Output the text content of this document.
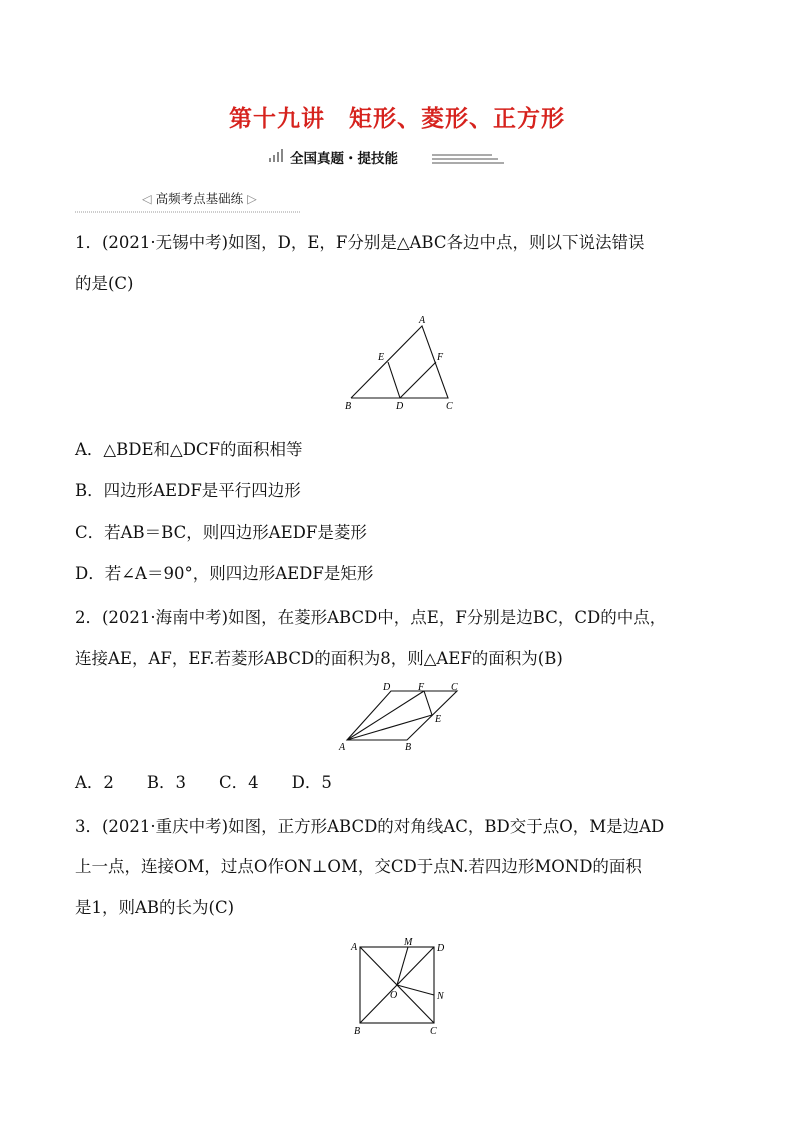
第十九讲　矩形、菱形、正方形
全国真题・提技能
◁ 高频考点基础练 ▷
1．(2021·无锡中考)如图，D，E，F分别是△ABC各边中点，则以下说法错误
的是(C)
A
E	F
B	D	C
A．△BDE和△DCF的面积相等
B．四边形AEDF是平行四边形
C．若AB＝BC，则四边形AEDF是菱形
D．若∠A＝90°，则四边形AEDF是矩形
2．(2021·海南中考)如图，在菱形ABCD中，点E，F分别是边BC，CD的中点，
连接AE，AF，EF.若菱形ABCD的面积为8，则△AEF的面积为(B)
A	B
C
D	F
E
A．2　　B．3　　C．4　　D．5
3．(2021·重庆中考)如图，正方形ABCD的对角线AC，BD交于点O，M是边AD
上一点，连接OM，过点O作ON⊥OM，交CD于点N.若四边形MOND的面积
是1，则AB的长为(C)
A	M
D
O	N
B	C
